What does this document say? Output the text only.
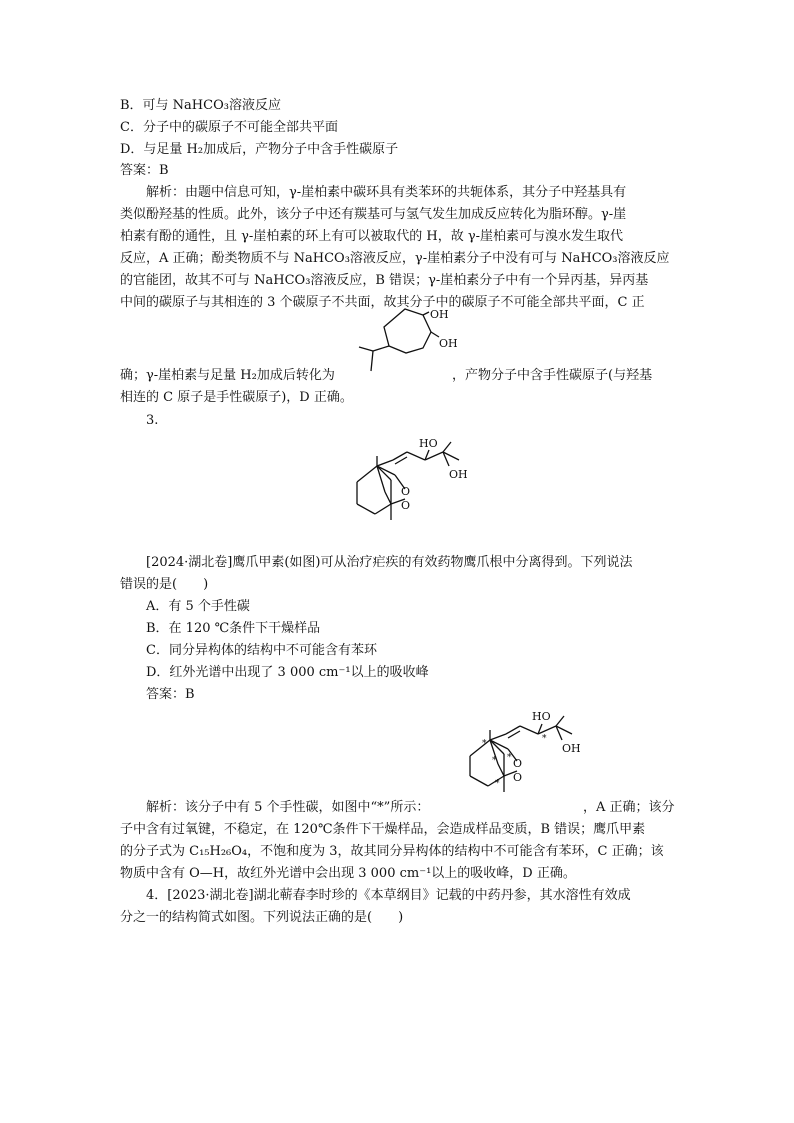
B．可与 NaHCO₃溶液反应
C．分子中的碳原子不可能全部共平面
D．与足量 H₂加成后，产物分子中含手性碳原子
答案：B
解析：由题中信息可知，γ-崖柏素中碳环具有类苯环的共轭体系，其分子中羟基具有
类似酚羟基的性质。此外，该分子中还有羰基可与氢气发生加成反应转化为脂环醇。γ-崖
柏素有酚的通性，且 γ-崖柏素的环上有可以被取代的 H，故 γ-崖柏素可与溴水发生取代
反应，A 正确；酚类物质不与 NaHCO₃溶液反应，γ-崖柏素分子中没有可与 NaHCO₃溶液反应
的官能团，故其不可与 NaHCO₃溶液反应，B 错误；γ-崖柏素分子中有一个异丙基，异丙基
中间的碳原子与其相连的 3 个碳原子不共面，故其分子中的碳原子不可能全部共平面，C 正
OH
OH
确；γ-崖柏素与足量 H₂加成后转化为	，产物分子中含手性碳原子(与羟基
相连的 C 原子是手性碳原子)，D 正确。
3.
HO
OH
O
O
[2024·湖北卷]鹰爪甲素(如图)可从治疗疟疾的有效药物鹰爪根中分离得到。下列说法
错误的是(　　)
A．有 5 个手性碳
B．在 120 ℃条件下干燥样品
C．同分异构体的结构中不可能含有苯环
D．红外光谱中出现了 3 000 cm⁻¹以上的吸收峰
答案：B
HO
OH
O
O
*
* *
*
*
解析：该分子中有 5 个手性碳，如图中“*”所示：	，A 正确；该分
子中含有过氧键，不稳定，在 120℃条件下干燥样品，会造成样品变质，B 错误；鹰爪甲素
的分子式为 C₁₅H₂₆O₄，不饱和度为 3，故其同分异构体的结构中不可能含有苯环，C 正确；该
物质中含有 O—H，故红外光谱中会出现 3 000 cm⁻¹以上的吸收峰，D 正确。
4．[2023·湖北卷]湖北蕲春李时珍的《本草纲目》记载的中药丹参，其水溶性有效成
分之一的结构简式如图。下列说法正确的是(　　)
